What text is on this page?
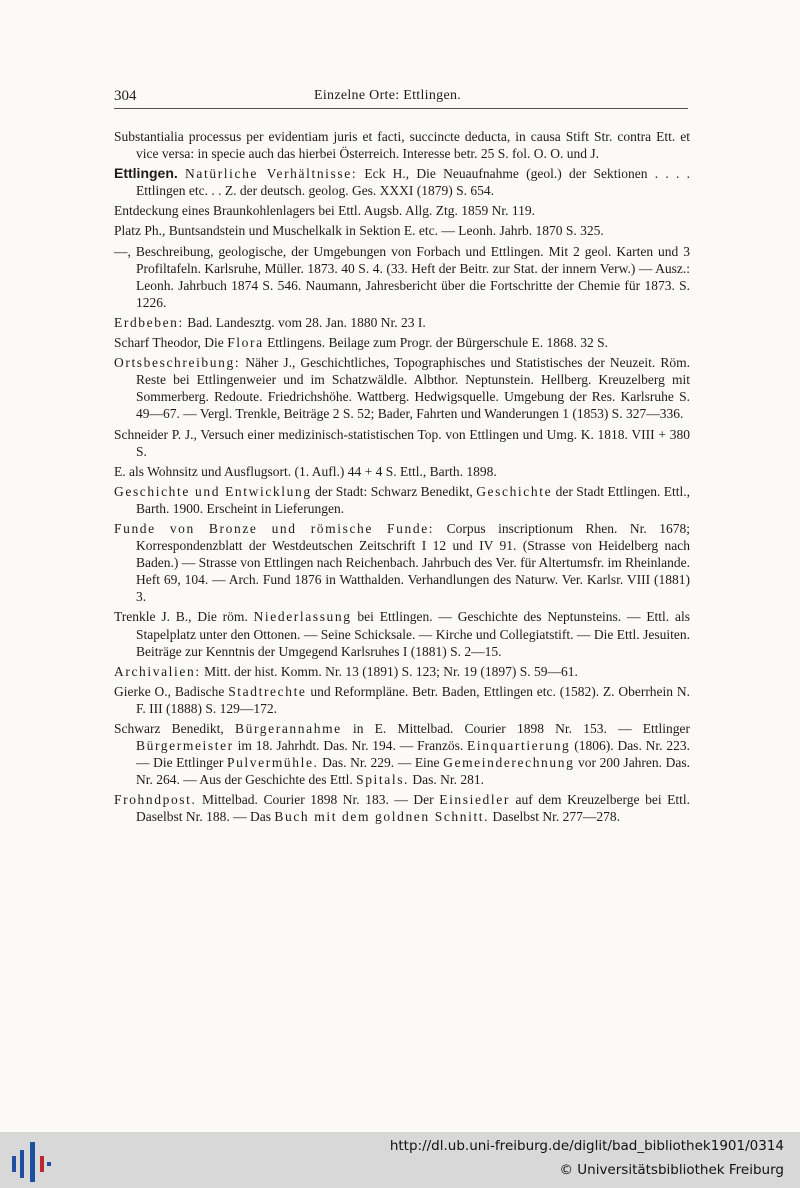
304	Einzelne Orte: Ettlingen.

Substantialia processus per evidentiam juris et facti, succincte deducta, in causa Stift Str. contra Ett. et vice versa: in specie auch das hierbei Österreich. Interesse betr. 25 S. fol. O. O. und J.

Ettlingen. Natürliche Verhältnisse: Eck H., Die Neuaufnahme (geol.) der Sektionen . . . . Ettlingen etc. . . Z. der deutsch. geolog. Ges. XXXI (1879) S. 654.

Entdeckung eines Braunkohlenlagers bei Ettl. Augsb. Allg. Ztg. 1859 Nr. 119.

Platz Ph., Buntsandstein und Muschelkalk in Sektion E. etc. — Leonh. Jahrb. 1870 S. 325.

—, Beschreibung, geologische, der Umgebungen von Forbach und Ettlingen. Mit 2 geol. Karten und 3 Profiltafeln. Karlsruhe, Müller. 1873. 40 S. 4. (33. Heft der Beitr. zur Stat. der innern Verw.) — Ausz.: Leonh. Jahrbuch 1874 S. 546. Naumann, Jahresbericht über die Fortschritte der Chemie für 1873. S. 1226.

Erdbeben: Bad. Landesztg. vom 28. Jan. 1880 Nr. 23 I.

Scharf Theodor, Die Flora Ettlingens. Beilage zum Progr. der Bürgerschule E. 1868. 32 S.

Ortsbeschreibung: Näher J., Geschichtliches, Topographisches und Statistisches der Neuzeit. Röm. Reste bei Ettlingenweier und im Schatzwäldle. Albthor. Neptunstein. Hellberg. Kreuzelberg mit Sommerberg. Redoute. Friedrichshöhe. Wattberg. Hedwigsquelle. Umgebung der Res. Karlsruhe S. 49—67. — Vergl. Trenkle, Beiträge 2 S. 52; Bader, Fahrten und Wanderungen 1 (1853) S. 327—336.

Schneider P. J., Versuch einer medizinisch-statistischen Top. von Ettlingen und Umg. K. 1818. VIII + 380 S.

E. als Wohnsitz und Ausflugsort. (1. Aufl.) 44 + 4 S. Ettl., Barth. 1898.

Geschichte und Entwicklung der Stadt: Schwarz Benedikt, Geschichte der Stadt Ettlingen. Ettl., Barth. 1900. Erscheint in Lieferungen.

Funde von Bronze und römische Funde: Corpus inscriptionum Rhen. Nr. 1678; Korrespondenzblatt der Westdeutschen Zeitschrift I 12 und IV 91. (Strasse von Heidelberg nach Baden.) — Strasse von Ettlingen nach Reichenbach. Jahrbuch des Ver. für Altertumsfr. im Rheinlande. Heft 69, 104. — Arch. Fund 1876 in Watthalden. Verhandlungen des Naturw. Ver. Karlsr. VIII (1881) 3.

Trenkle J. B., Die röm. Niederlassung bei Ettlingen. — Geschichte des Neptunsteins. — Ettl. als Stapelplatz unter den Ottonen. — Seine Schicksale. — Kirche und Collegiatstift. — Die Ettl. Jesuiten. Beiträge zur Kenntnis der Umgegend Karlsruhes I (1881) S. 2—15.

Archivalien: Mitt. der hist. Komm. Nr. 13 (1891) S. 123; Nr. 19 (1897) S. 59—61.

Gierke O., Badische Stadtrechte und Reformpläne. Betr. Baden, Ettlingen etc. (1582). Z. Oberrhein N. F. III (1888) S. 129—172.

Schwarz Benedikt, Bürgerannahme in E. Mittelbad. Courier 1898 Nr. 153. — Ettlinger Bürgermeister im 18. Jahrhdt. Das. Nr. 194. — Französ. Einquartierung (1806). Das. Nr. 223. — Die Ettlinger Pulvermühle. Das. Nr. 229. — Eine Gemeinderechnung vor 200 Jahren. Das. Nr. 264. — Aus der Geschichte des Ettl. Spitals. Das. Nr. 281.

Frohndpost. Mittelbad. Courier 1898 Nr. 183. — Der Einsiedler auf dem Kreuzelberge bei Ettl. Daselbst Nr. 188. — Das Buch mit dem goldnen Schnitt. Daselbst Nr. 277—278.

http://dl.ub.uni-freiburg.de/diglit/bad_bibliothek1901/0314
© Universitätsbibliothek Freiburg
